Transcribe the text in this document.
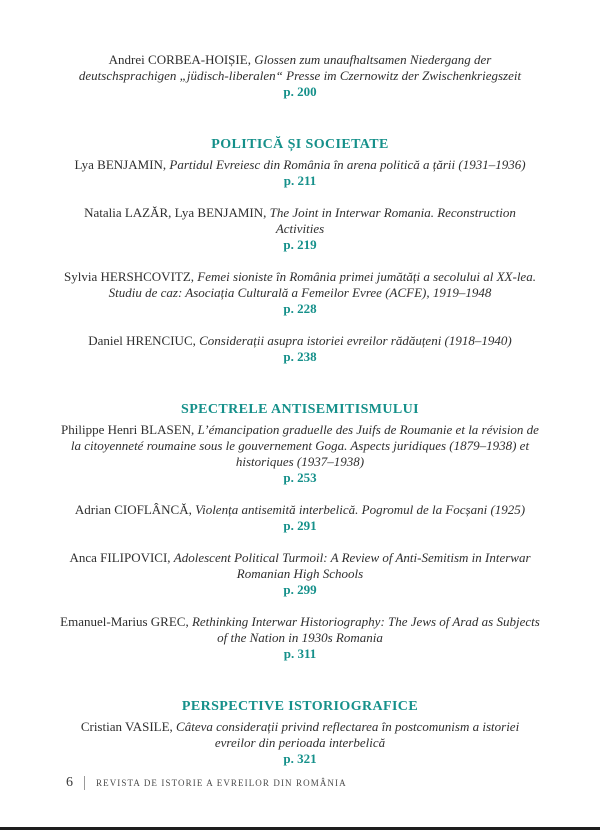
Andrei CORBEA-HOIȘIE, Glossen zum unaufhaltsamen Niedergang der deutschsprachigen „jüdisch-liberalen“ Presse im Czernowitz der Zwischenkriegszeit

p. 200

POLITICĂ ȘI SOCIETATE

Lya BENJAMIN, Partidul Evreiesc din România în arena politică a țării (1931–1936)

p. 211

Natalia LAZĂR, Lya BENJAMIN, The Joint in Interwar Romania. Reconstruction Activities

p. 219

Sylvia HERSHCOVITZ, Femei sioniste în România primei jumătăți a secolului al XX-lea. Studiu de caz: Asociația Culturală a Femeilor Evree (ACFE), 1919–1948

p. 228

Daniel HRENCIUC, Considerații asupra istoriei evreilor rădăuțeni (1918–1940)

p. 238

SPECTRELE ANTISEMITISMULUI

Philippe Henri BLASEN, L’émancipation graduelle des Juifs de Roumanie et la révision de la citoyenneté roumaine sous le gouvernement Goga. Aspects juridiques (1879–1938) et historiques (1937–1938)

p. 253

Adrian CIOFLÂNCĂ, Violența antisemită interbelică. Pogromul de la Focșani (1925)

p. 291

Anca FILIPOVICI, Adolescent Political Turmoil: A Review of Anti-Semitism in Interwar Romanian High Schools

p. 299

Emanuel-Marius GREC, Rethinking Interwar Historiography: The Jews of Arad as Subjects of the Nation in 1930s Romania

p. 311

PERSPECTIVE ISTORIOGRAFICE

Cristian VASILE, Câteva considerații privind reflectarea în postcomunism a istoriei evreilor din perioada interbelică

p. 321

6	REVISTA DE ISTORIE A EVREILOR DIN ROMÂNIA
